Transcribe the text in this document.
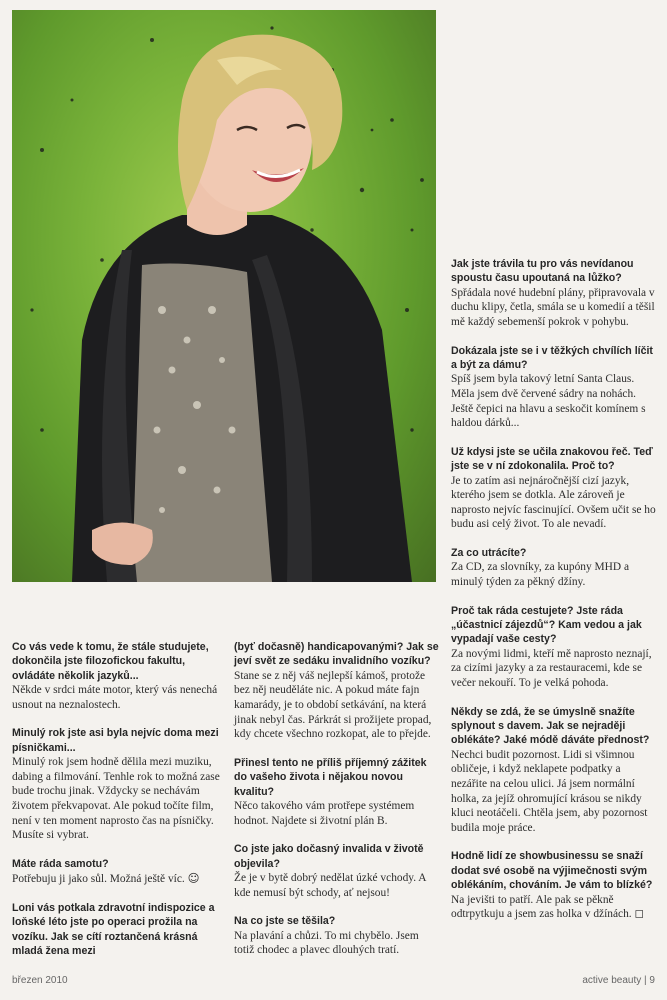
Jak jste trávila tu pro vás nevídanou spoustu času upoutaná na lůžko?

Spřádala nové hudební plány, připravovala v duchu klipy, četla, smála se u komedií a těšil mě každý sebemenší pokrok v pohybu.

Dokázala jste se i v těžkých chvílích líčit a být za dámu?

Spíš jsem byla takový letní Santa Claus. Měla jsem dvě červené sádry na nohách. Ještě čepici na hlavu a seskočit komínem s haldou dárků...

Už kdysi jste se učila znakovou řeč. Teď jste se v ní zdokonalila. Proč to?

Je to zatím asi nejnáročnější cizí jazyk, kterého jsem se dotkla. Ale zároveň je naprosto nejvíc fascinující. Ovšem učit se ho budu asi celý život. To ale nevadí.

Za co utrácíte?

Za CD, za slovníky, za kupóny MHD a minulý týden za pěkný džíny.

Proč tak ráda cestujete? Jste ráda „účastnicí zájezdů“? Kam vedou a jak vypadají vaše cesty?

Za novými lidmi, kteří mě naprosto neznají, za cizími jazyky a za restauracemi, kde se večer nekouří. To je velká pohoda.

Někdy se zdá, že se úmyslně snažíte splynout s davem. Jak se nejraději oblékáte? Jaké módě dáváte přednost?

Nechci budit pozornost. Lidi si všimnou obličeje, i když neklapete podpatky a nezářite na celou ulici. Já jsem normální holka, za jejíž ohromující krásou se nikdy kluci neotáčeli. Chtěla jsem, aby pozornost budila moje práce.

Hodně lidí ze showbusinessu se snaží dodat své osobě na výjimečnosti svým oblékáním, chováním. Je vám to blízké?

Na jevišti to patří. Ale pak se pěkně odtrpytkuju a jsem zas holka v džínách. ◻

Co vás vede k tomu, že stále studujete, dokončila jste filozofickou fakultu, ovládáte několik jazyků...

Někde v srdci máte motor, který vás nenechá usnout na neznalostech.

Minulý rok jste asi byla nejvíc doma mezi písničkami...

Minulý rok jsem hodně dělila mezi muziku, dabing a filmování. Tenhle rok to možná zase bude trochu jinak. Vždycky se nechávám životem překvapovat. Ale pokud točíte film, není v ten moment naprosto čas na písničky. Musíte si vybrat.

Máte ráda samotu?

Potřebuju ji jako sůl. Možná ještě víc. ☺

Loni vás potkala zdravotní indispozice a loňské léto jste po operaci prožila na vozíku. Jak se cítí roztančená krásná mladá žena mezi

(byť dočasně) handicapovanými? Jak se jeví svět ze sedáku invalidního vozíku?

Stane se z něj váš nejlepší kámoš, protože bez něj neuděláte nic. A pokud máte fajn kamarády, je to období setkávání, na která jinak nebyl čas. Párkrát si prožijete propad, kdy chcete všechno rozkopat, ale to přejde.

Přinesl tento ne příliš příjemný zážitek do vašeho života i nějakou novou kvalitu?

Něco takového vám protřepe systémem hodnot. Najdete si životní plán B.

Co jste jako dočasný invalida v životě objevila?

Že je v bytě dobrý nedělat úzké vchody. A kde nemusí být schody, ať nejsou!

Na co jste se těšila?

Na plavání a chůzi. To mi chybělo. Jsem totiž chodec a plavec dlouhých tratí.

březen 2010	active beauty | 9
